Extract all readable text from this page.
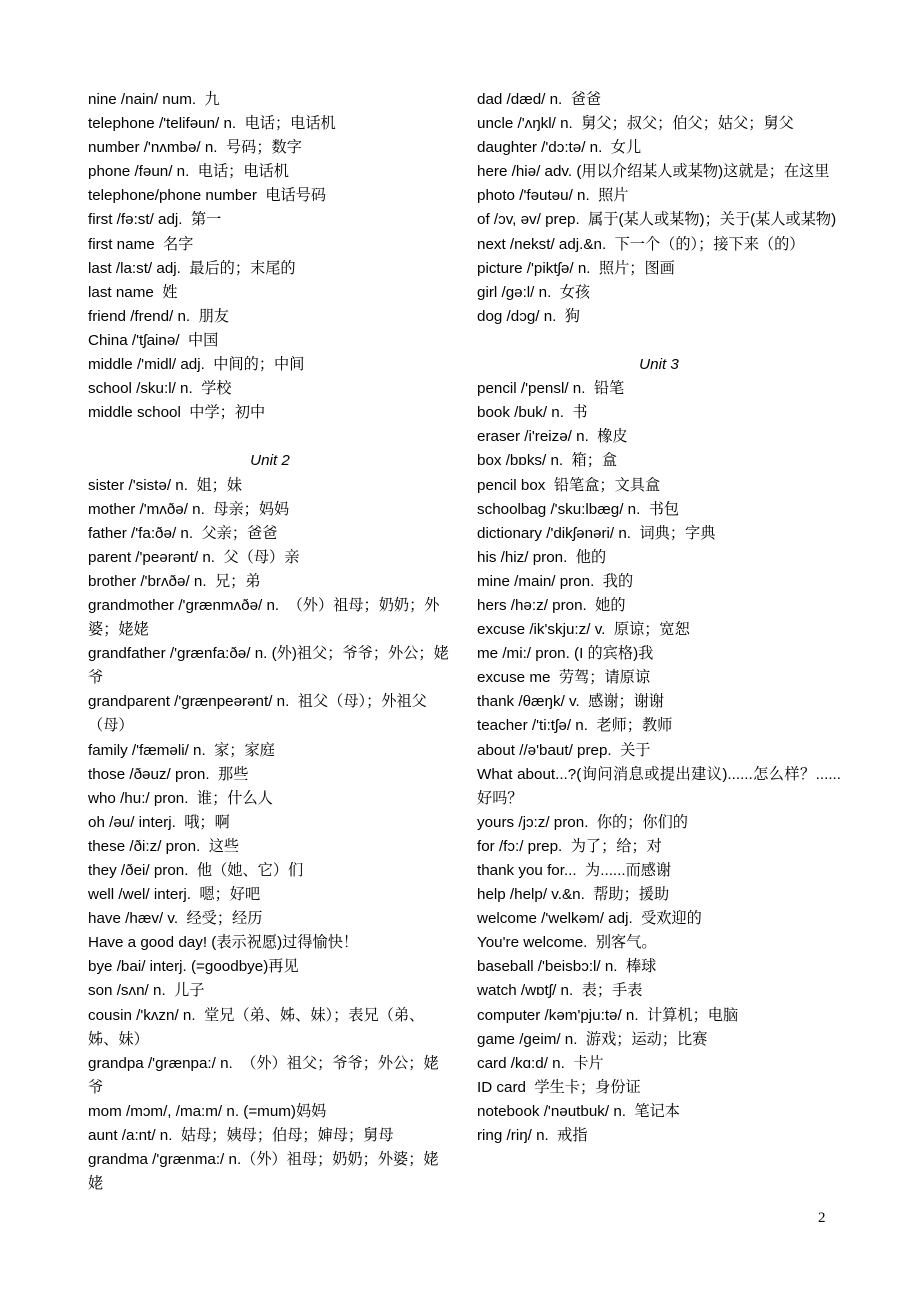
nine /nain/ num.  九

telephone /'telifəun/ n.  电话；电话机

number /'nʌmbə/ n.  号码；数字

phone /fəun/ n.  电话；电话机

telephone/phone number  电话号码

first /fə:st/ adj.  第一

first name  名字

last /la:st/ adj.  最后的；末尾的

last name  姓

friend /frend/ n.  朋友

China /'tʃainə/  中国

middle /'midl/ adj.  中间的；中间

school /sku:l/ n.  学校

middle school  中学；初中

Unit 2

sister /'sistə/ n.  姐；妹

mother /'mʌðə/ n.  母亲；妈妈

father /'fa:ðə/ n.  父亲；爸爸

parent /'peərənt/ n.  父（母）亲

brother /'brʌðə/ n.  兄；弟

grandmother /'grænmʌðə/ n.  （外）祖母；奶奶；外婆；姥姥

grandfather /'grænfa:ðə/ n. (外)祖父；爷爷；外公；姥爷

grandparent /'grænpeərənt/ n.  祖父（母）；外祖父（母）

family /'fæməli/ n.  家；家庭

those /ðəuz/ pron.  那些

who /hu:/ pron.  谁；什么人

oh /əu/ interj.  哦；啊

these /ði:z/ pron.  这些

they /ðei/ pron.  他（她、它）们

well /wel/ interj.  嗯；好吧

have /hæv/ v.  经受；经历

Have a good day! (表示祝愿)过得愉快！

bye /bai/ interj. (=goodbye)再见

son /sʌn/ n.  儿子

cousin /'kʌzn/ n.  堂兄（弟、姊、妹）；表兄（弟、姊、妹）

grandpa /'grænpa:/ n.  （外）祖父；爷爷；外公；姥爷

mom /mɔm/, /ma:m/ n. (=mum)妈妈

aunt /a:nt/ n.  姑母；姨母；伯母；婶母；舅母

grandma /'grænma:/ n.（外）祖母；奶奶；外婆；姥姥

dad /dæd/ n.  爸爸

uncle /'ʌŋkl/ n.  舅父；叔父；伯父；姑父；舅父

daughter /'dɔ:tə/ n.  女儿

here /hiə/ adv. (用以介绍某人或某物)这就是；在这里

photo /'fəutəu/ n.  照片

of /ɔv, əv/ prep.  属于(某人或某物)；关于(某人或某物)

next /nekst/ adj.&n.  下一个（的）；接下来（的）

picture /'piktʃə/ n.  照片；图画

girl /gə:l/ n.  女孩

dog /dɔg/ n.  狗

Unit 3

pencil /'pensl/ n.  铅笔

book /buk/ n.  书

eraser /i'reizə/ n.  橡皮

box /bɒks/ n.  箱；盒

pencil box  铅笔盒；文具盒

schoolbag /'sku:lbæg/ n.  书包

dictionary /'dikʃənəri/ n.  词典；字典

his /hiz/ pron.  他的

mine /main/ pron.  我的

hers /hə:z/ pron.  她的

excuse /ik'skju:z/ v.  原谅；宽恕

me /mi:/ pron. (I 的宾格)我

excuse me  劳驾；请原谅

thank /θæŋk/ v.  感谢；谢谢

teacher /'ti:tʃə/ n.  老师；教师

about //ə'baut/ prep.  关于

What about...?(询问消息或提出建议)......怎么样？......好吗？

yours /jɔ:z/ pron.  你的；你们的

for /fɔ:/ prep.  为了；给；对

thank you for...  为......而感谢

help /help/ v.&n.  帮助；援助

welcome /'welkəm/ adj.  受欢迎的

You're welcome.  别客气。

baseball /'beisbɔ:l/ n.  棒球

watch /wɒtʃ/ n.  表；手表

computer /kəm'pju:tə/ n.  计算机；电脑

game /geim/ n.  游戏；运动；比赛

card /kɑ:d/ n.  卡片

ID card  学生卡；身份证

notebook /'nəutbuk/ n.  笔记本

ring /riŋ/ n.  戒指

2
